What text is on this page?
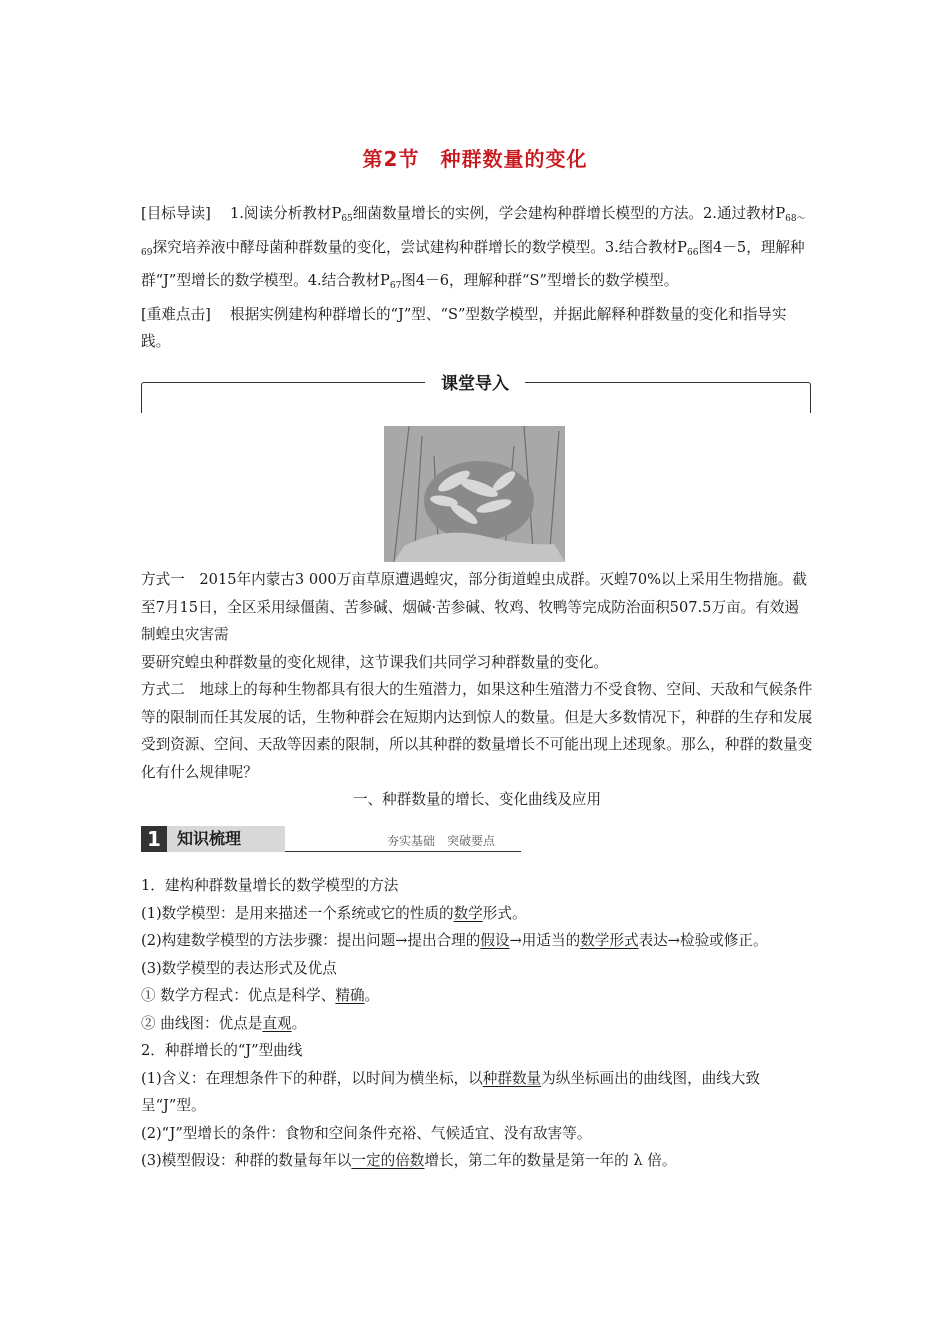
第2节　种群数量的变化

[目标导读]　 1.阅读分析教材$P_{65}$细菌数量增长的实例，学会建构种群增长模型的方法。2.通过教材$P_{68\sim 69}$探究培养液中酵母菌种群数量的变化，尝试建构种群增长的数学模型。3.结合教材$P_{66}$图4－5，理解种群“J”型增长的数学模型。4.结合教材$P_{67}$图4－6，理解种群“S”型增长的数学模型。

[重难点击]　 根据实例建构种群增长的“J”型、“S”型数学模型，并据此解释种群数量的变化和指导实践。

课堂导入

方式一　2015年内蒙古3 000万亩草原遭遇蝗灾，部分街道蝗虫成群。灭蝗70%以上采用生物措施。截至7月15日，全区采用绿僵菌、苦参碱、烟碱·苦参碱、牧鸡、牧鸭等完成防治面积507.5万亩。有效遏制蝗虫灾害需

要研究蝗虫种群数量的变化规律，这节课我们共同学习种群数量的变化。

方式二　地球上的每种生物都具有很大的生殖潜力，如果这种生殖潜力不受食物、空间、天敌和气候条件等的限制而任其发展的话，生物种群会在短期内达到惊人的数量。但是大多数情况下，种群的生存和发展受到资源、空间、天敌等因素的限制，所以其种群的数量增长不可能出现上述现象。那么，种群的数量变化有什么规律呢？

一、种群数量的增长、变化曲线及应用

1	知识梳理	夯实基础　突破要点

1．建构种群数量增长的数学模型的方法

(1)数学模型：是用来描述一个系统或它的性质的数学形式。

(2)构建数学模型的方法步骤：提出问题→提出合理的假设→用适当的数学形式表达→检验或修正。

(3)数学模型的表达形式及优点

① 数学方程式：优点是科学、精确。

② 曲线图：优点是直观。

2．种群增长的“J”型曲线

(1)含义：在理想条件下的种群，以时间为横坐标，以种群数量为纵坐标画出的曲线图，曲线大致呈“J”型。

(2)“J”型增长的条件：食物和空间条件充裕、气候适宜、没有敌害等。

(3)模型假设：种群的数量每年以一定的倍数增长，第二年的数量是第一年的 λ 倍。
